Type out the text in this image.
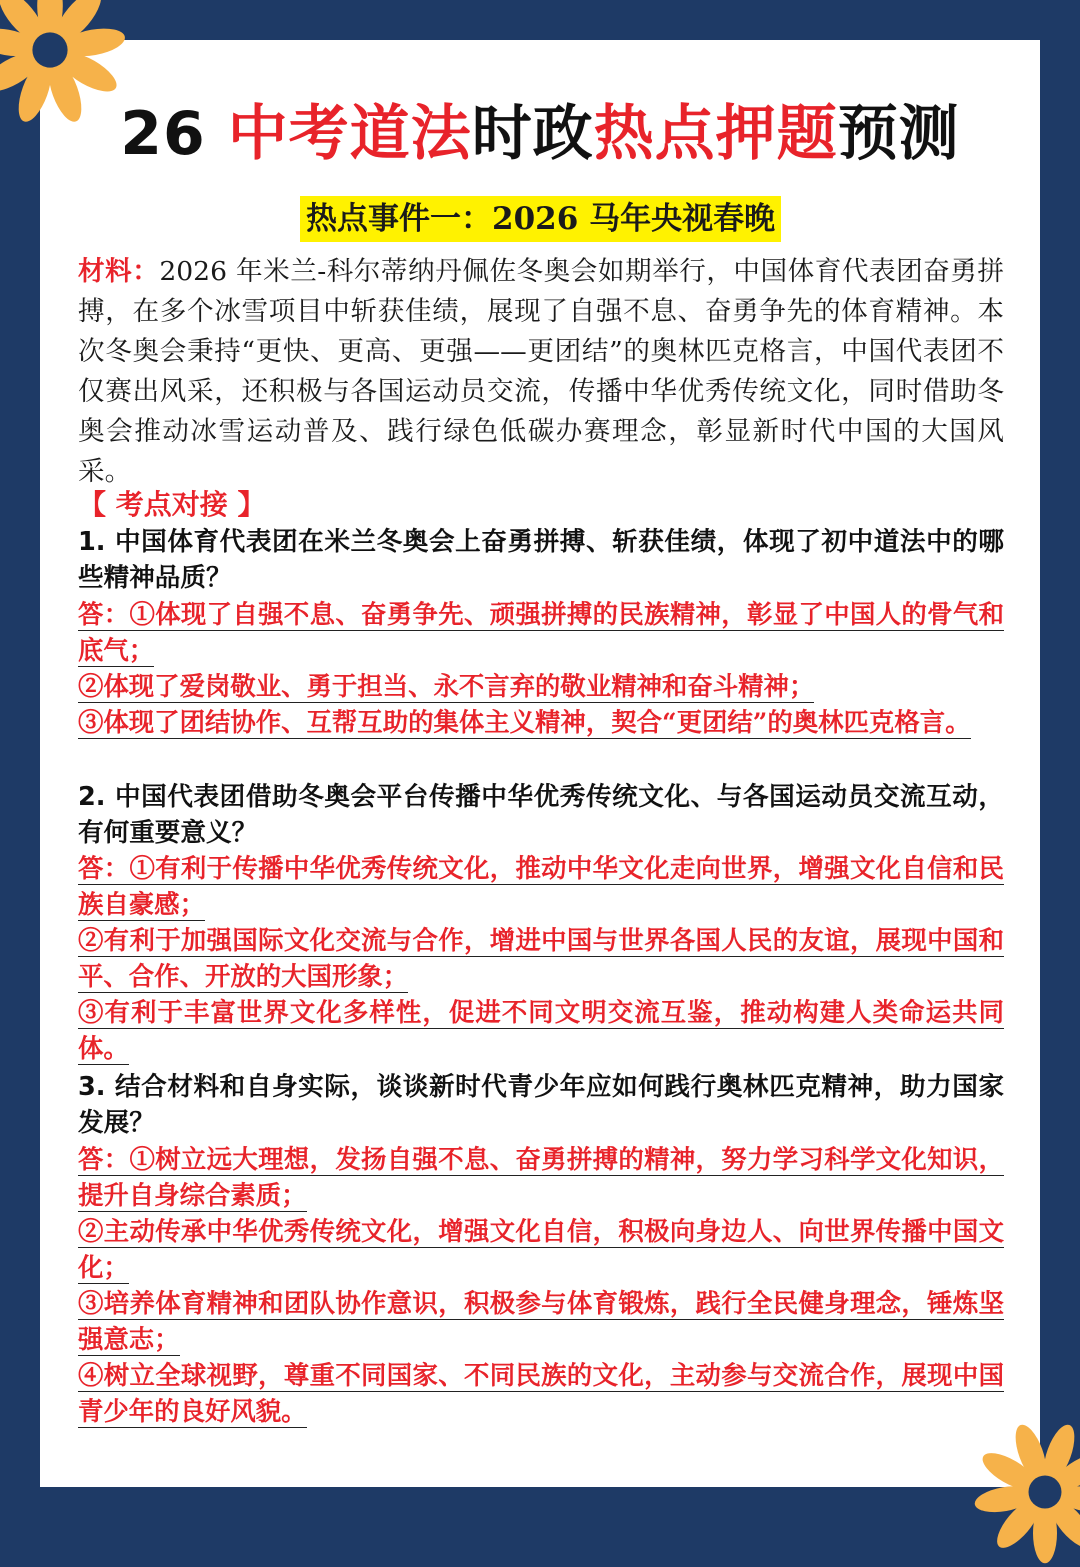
26 中考道法时政热点押题预测
热点事件一：2026 马年央视春晚
材料：2026 年米兰-科尔蒂纳丹佩佐冬奥会如期举行，中国体育代表团奋勇拼搏，在多个冰雪项目中斩获佳绩，展现了自强不息、奋勇争先的体育精神。本次冬奥会秉持“更快、更高、更强——更团结”的奥林匹克格言，中国代表团不仅赛出风采，还积极与各国运动员交流，传播中华优秀传统文化，同时借助冬奥会推动冰雪运动普及、践行绿色低碳办赛理念，彰显新时代中国的大国风采。
【 考点对接 】
1. 中国体育代表团在米兰冬奥会上奋勇拼搏、斩获佳绩，体现了初中道法中的哪些精神品质？
答：①体现了自强不息、奋勇争先、顽强拼搏的民族精神，彰显了中国人的骨气和底气；
②体现了爱岗敬业、勇于担当、永不言弃的敬业精神和奋斗精神；
③体现了团结协作、互帮互助的集体主义精神，契合“更团结”的奥林匹克格言。
2. 中国代表团借助冬奥会平台传播中华优秀传统文化、与各国运动员交流互动，有何重要意义？
答：①有利于传播中华优秀传统文化，推动中华文化走向世界，增强文化自信和民族自豪感；
②有利于加强国际文化交流与合作，增进中国与世界各国人民的友谊，展现中国和平、合作、开放的大国形象；
③有利于丰富世界文化多样性，促进不同文明交流互鉴，推动构建人类命运共同体。
3. 结合材料和自身实际，谈谈新时代青少年应如何践行奥林匹克精神，助力国家发展？
答：①树立远大理想，发扬自强不息、奋勇拼搏的精神，努力学习科学文化知识，提升自身综合素质；
②主动传承中华优秀传统文化，增强文化自信，积极向身边人、向世界传播中国文化；
③培养体育精神和团队协作意识，积极参与体育锻炼，践行全民健身理念，锤炼坚强意志；
④树立全球视野，尊重不同国家、不同民族的文化，主动参与交流合作，展现中国青少年的良好风貌。
